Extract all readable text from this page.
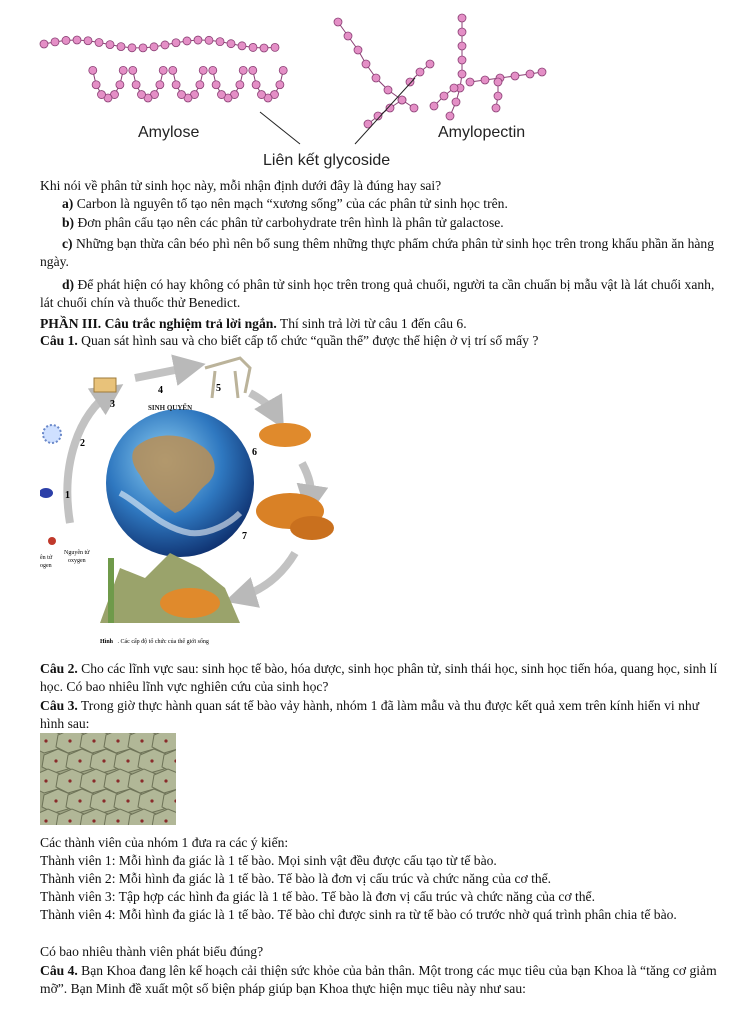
Amylose	Amylopectin
Liên kết glycoside
Khi nói về phân tử sinh học này, mỗi nhận định dưới đây là đúng hay sai?
a) Carbon là nguyên tố tạo nên mạch “xương sống” của các phân tử sinh học trên.
b) Đơn phân cấu tạo nên các phân tử carbohydrate trên hình là phân tử galactose.
c) Những bạn thừa cân béo phì nên bổ sung thêm những thực phẩm chứa phân tử sinh học trên trong khẩu phần ăn hàng ngày.
d) Để phát hiện có hay không có phân tử sinh học trên trong quả chuối, người ta cần chuẩn bị mẫu vật là lát chuối xanh, lát chuối chín và thuốc thử Benedict.
PHẦN III. Câu trắc nghiệm trả lời ngắn. Thí sinh trả lời từ câu 1 đến câu 6.
Câu 1. Quan sát hình sau và cho biết cấp tổ chức “quần thể” được thể hiện ở vị trí số mấy ?
SINH QUYỂN
1
2
3
4	5
6
7
Nguyên tử
oxygen
ên tử
ogen
Hình . Các cấp độ tổ chức của thế giới sống
Câu 2. Cho các lĩnh vực sau: sinh học tế bào, hóa dược, sinh học phân tử, sinh thái học, sinh học tiến hóa, quang học, sinh lí học. Có bao nhiêu lĩnh vực nghiên cứu của sinh học?
Câu 3. Trong giờ thực hành quan sát tế bào vảy hành, nhóm 1 đã làm mẫu và thu được kết quả xem trên kính hiển vi như hình sau:
Các thành viên của nhóm 1 đưa ra các ý kiến:
Thành viên 1: Mỗi hình đa giác là 1 tế bào. Mọi sinh vật đều được cấu tạo từ tế bào.
Thành viên 2: Mỗi hình đa giác là 1 tế bào. Tế bào là đơn vị cấu trúc và chức năng của cơ thể.
Thành viên 3: Tập hợp các hình đa giác là 1 tế bào. Tế bào là đơn vị cấu trúc và chức năng của cơ thể.
Thành viên 4: Mỗi hình đa giác là 1 tế bào. Tế bào chỉ được sinh ra từ tế bào có trước nhờ quá trình phân chia tế bào.
Có bao nhiêu thành viên phát biểu đúng?
Câu 4. Bạn Khoa đang lên kế hoạch cải thiện sức khỏe của bản thân. Một trong các mục tiêu của bạn Khoa là “tăng cơ giảm mỡ”. Bạn Minh đề xuất một số biện pháp giúp bạn Khoa thực hiện mục tiêu này như sau:
